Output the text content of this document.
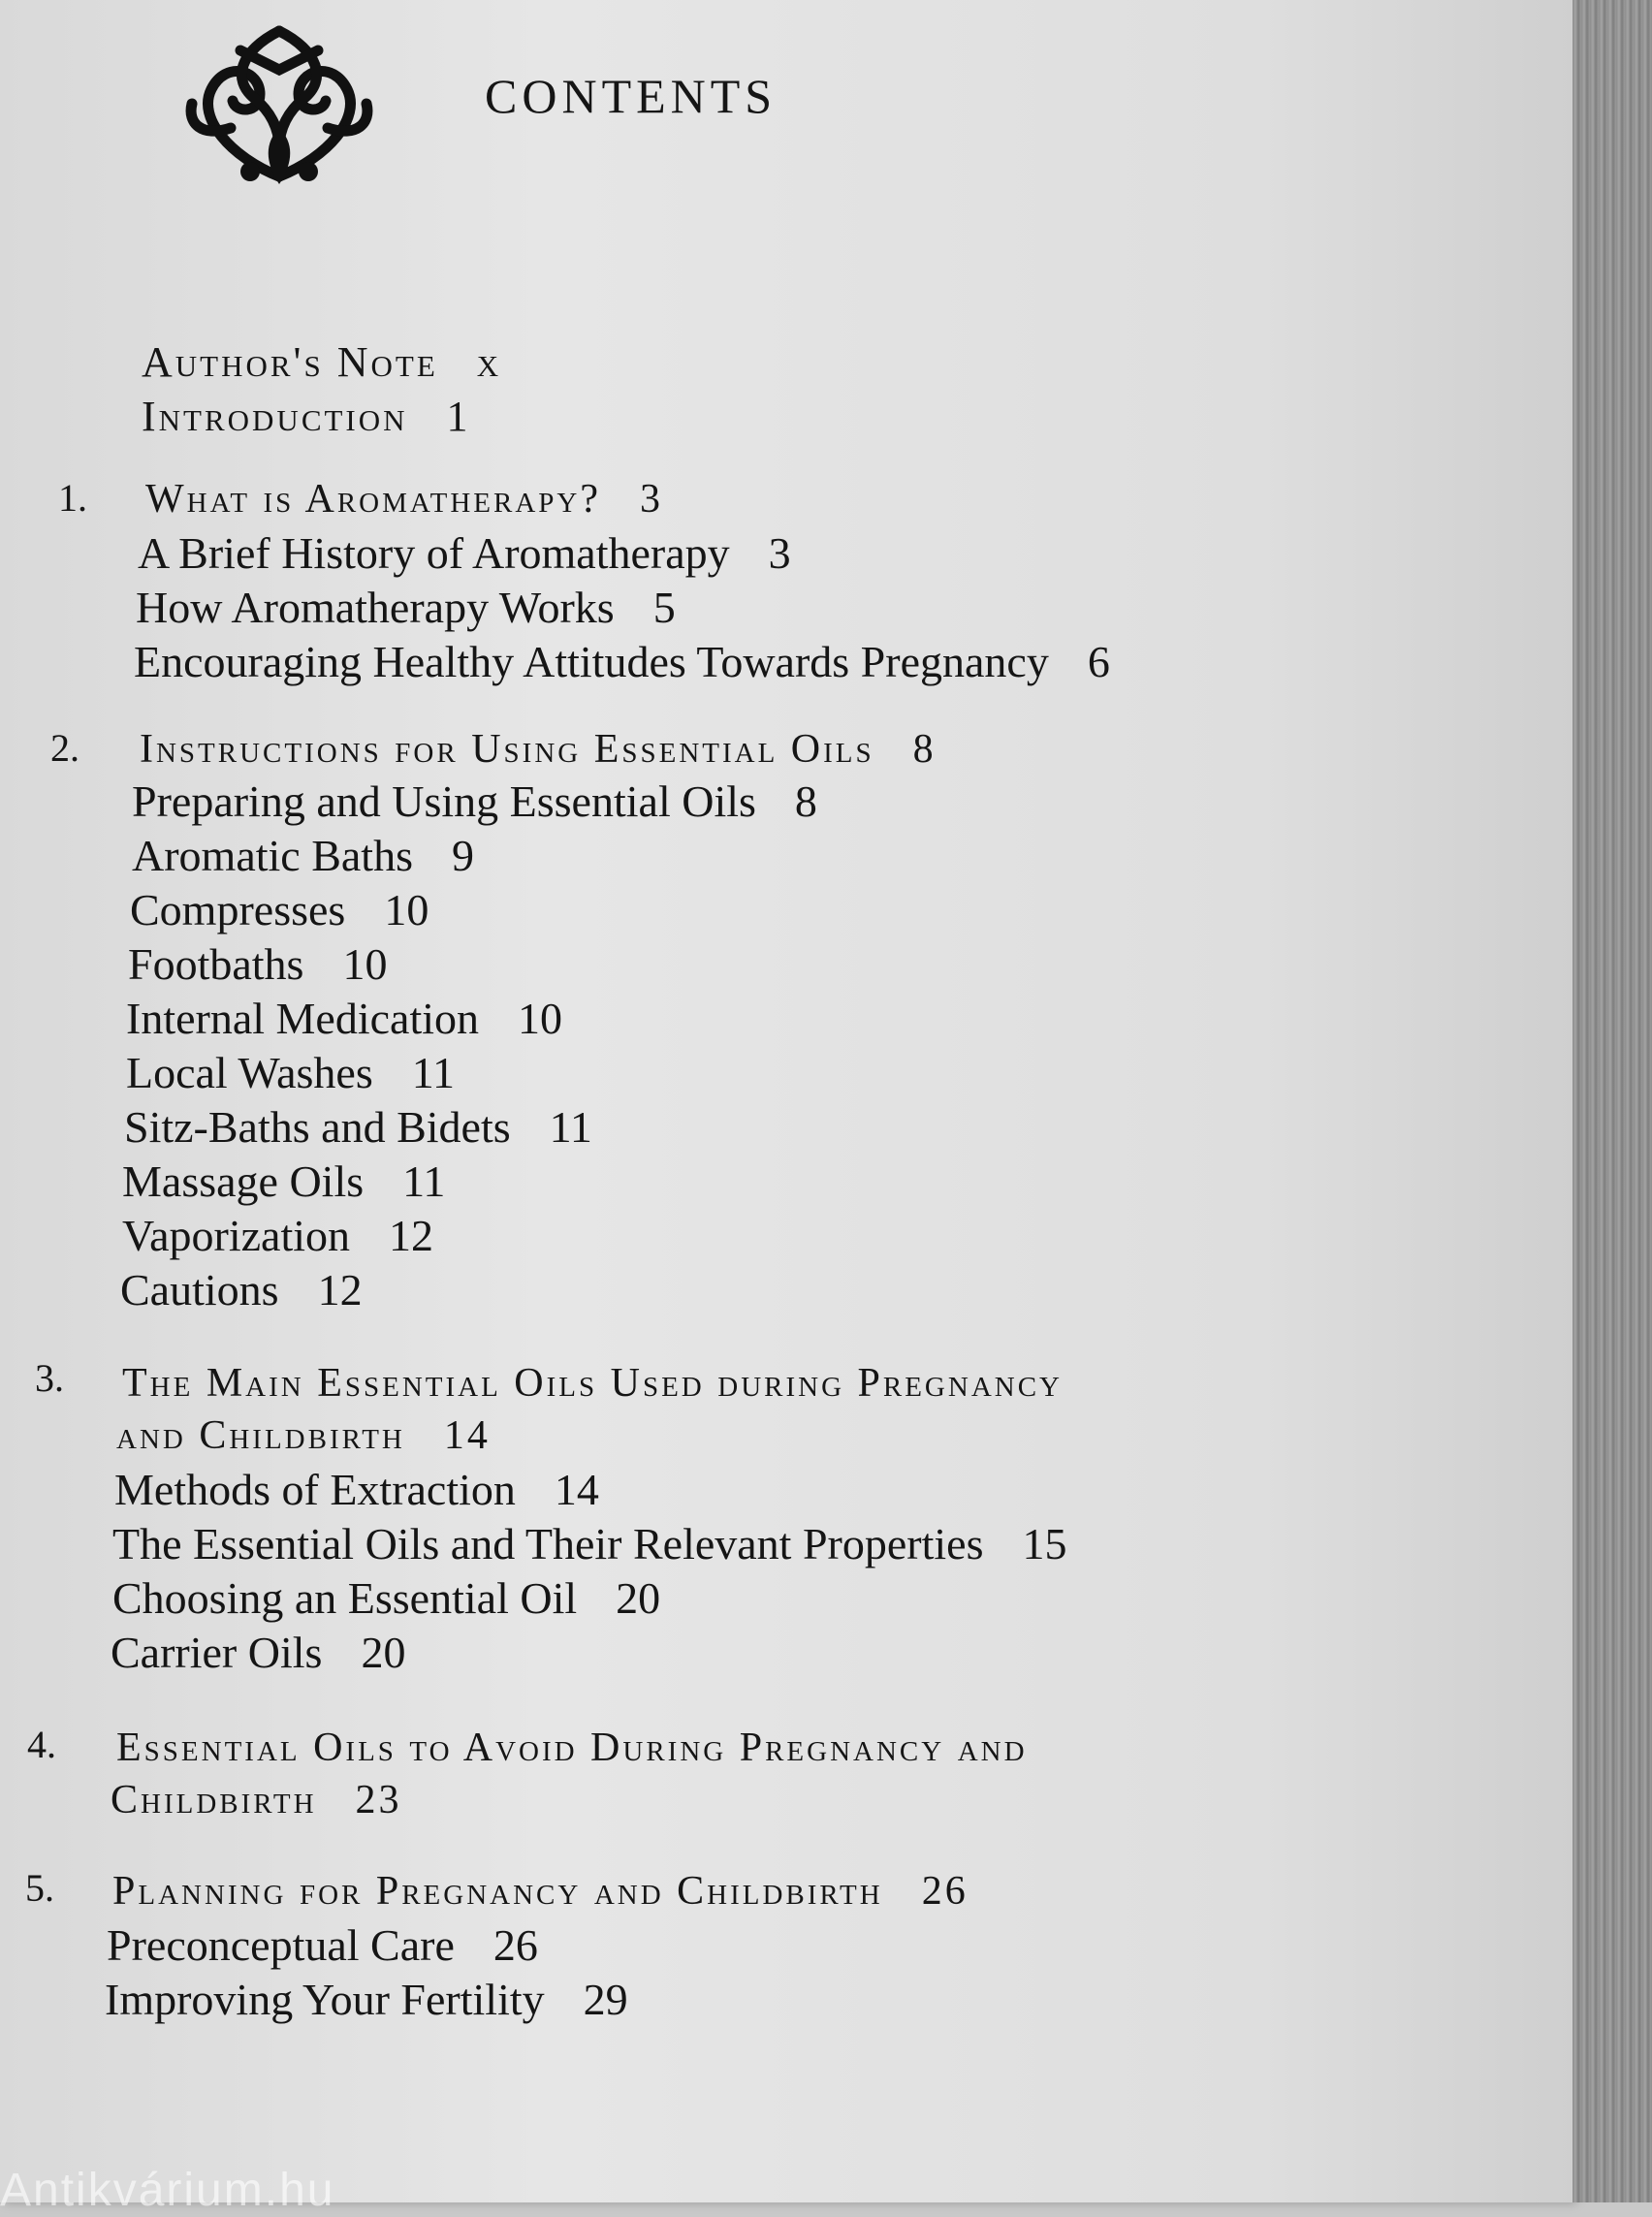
CONTENTS
Author's Note x
Introduction 1
1. What is Aromatherapy? 3
A Brief History of Aromatherapy 3
How Aromatherapy Works 5
Encouraging Healthy Attitudes Towards Pregnancy 6
2. Instructions for Using Essential Oils 8
Preparing and Using Essential Oils 8
Aromatic Baths 9
Compresses 10
Footbaths 10
Internal Medication 10
Local Washes 11
Sitz-Baths and Bidets 11
Massage Oils 11
Vaporization 12
Cautions 12
3. The Main Essential Oils Used during Pregnancy
and Childbirth 14
Methods of Extraction 14
The Essential Oils and Their Relevant Properties 15
Choosing an Essential Oil 20
Carrier Oils 20
4. Essential Oils to Avoid During Pregnancy and
Childbirth 23
5. Planning for Pregnancy and Childbirth 26
Preconceptual Care 26
Improving Your Fertility 29
Antikvárium.hu
